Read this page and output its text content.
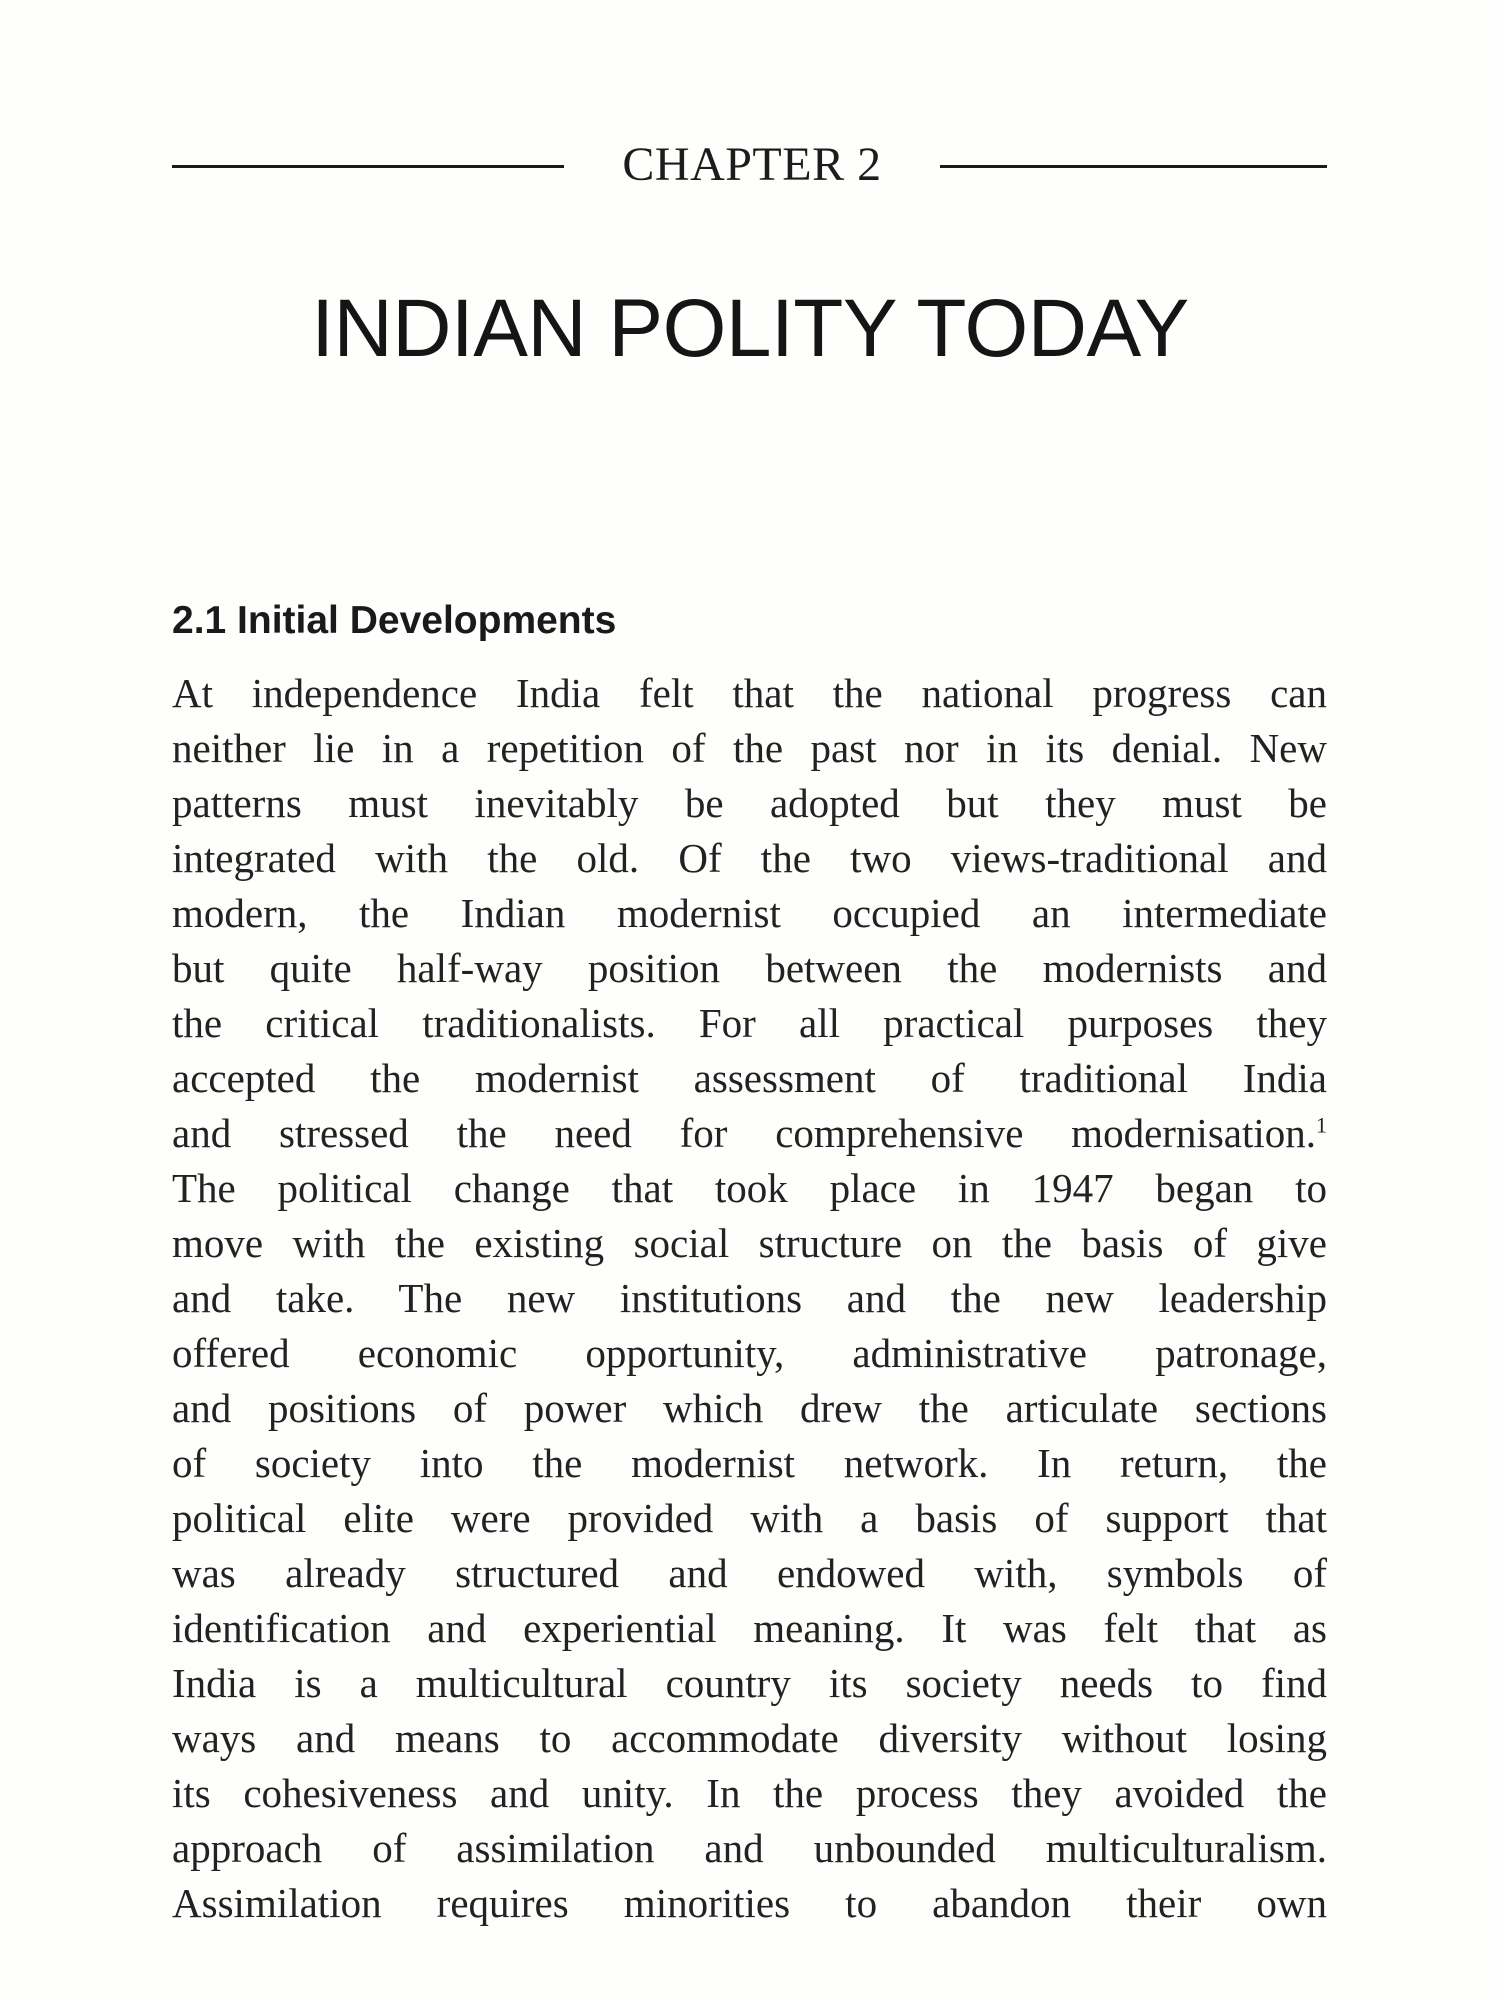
CHAPTER 2
INDIAN POLITY TODAY
2.1 Initial Developments
At independence India felt that the national progress can
neither lie in a repetition of the past nor in its denial. New
patterns must inevitably be adopted but they must be
integrated with the old. Of the two views-traditional and
modern, the Indian modernist occupied an intermediate
but quite half-way position between the modernists and
the critical traditionalists. For all practical purposes they
accepted the modernist assessment of traditional India
and stressed the need for comprehensive modernisation.$^1$
The political change that took place in 1947 began to
move with the existing social structure on the basis of give
and take. The new institutions and the new leadership
offered economic opportunity, administrative patronage,
and positions of power which drew the articulate sections
of society into the modernist network. In return, the
political elite were provided with a basis of support that
was already structured and endowed with, symbols of
identification and experiential meaning. It was felt that as
India is a multicultural country its society needs to find
ways and means to accommodate diversity without losing
its cohesiveness and unity. In the process they avoided the
approach of assimilation and unbounded multiculturalism.
Assimilation requires minorities to abandon their own
